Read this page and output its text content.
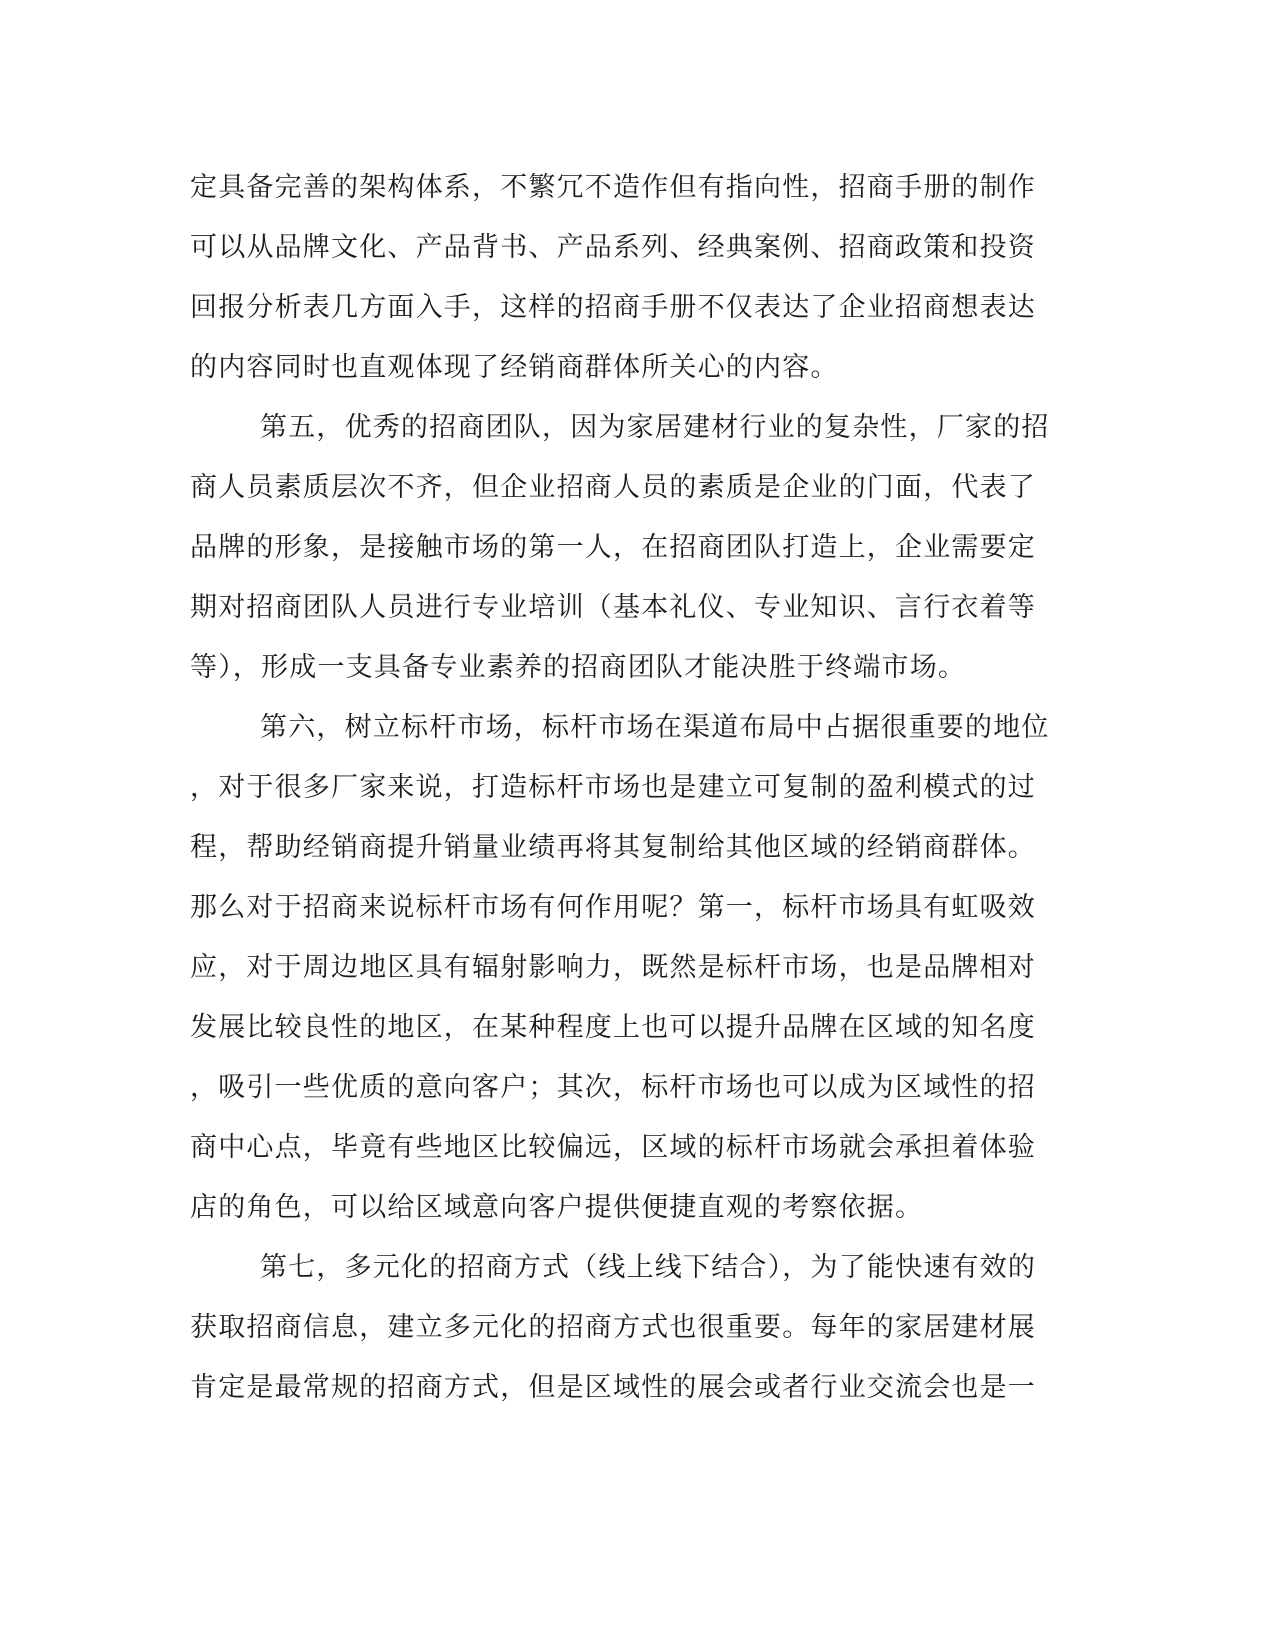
定具备完善的架构体系，不繁冗不造作但有指向性，招商手册的制作
可以从品牌文化、产品背书、产品系列、经典案例、招商政策和投资
回报分析表几方面入手，这样的招商手册不仅表达了企业招商想表达
的内容同时也直观体现了经销商群体所关心的内容。
第五，优秀的招商团队，因为家居建材行业的复杂性，厂家的招
商人员素质层次不齐，但企业招商人员的素质是企业的门面，代表了
品牌的形象，是接触市场的第一人，在招商团队打造上，企业需要定
期对招商团队人员进行专业培训（基本礼仪、专业知识、言行衣着等
等），形成一支具备专业素养的招商团队才能决胜于终端市场。
第六，树立标杆市场，标杆市场在渠道布局中占据很重要的地位
，对于很多厂家来说，打造标杆市场也是建立可复制的盈利模式的过
程，帮助经销商提升销量业绩再将其复制给其他区域的经销商群体。
那么对于招商来说标杆市场有何作用呢？第一，标杆市场具有虹吸效
应，对于周边地区具有辐射影响力，既然是标杆市场，也是品牌相对
发展比较良性的地区，在某种程度上也可以提升品牌在区域的知名度
，吸引一些优质的意向客户；其次，标杆市场也可以成为区域性的招
商中心点，毕竟有些地区比较偏远，区域的标杆市场就会承担着体验
店的角色，可以给区域意向客户提供便捷直观的考察依据。
第七，多元化的招商方式（线上线下结合），为了能快速有效的
获取招商信息，建立多元化的招商方式也很重要。每年的家居建材展
肯定是最常规的招商方式，但是区域性的展会或者行业交流会也是一
